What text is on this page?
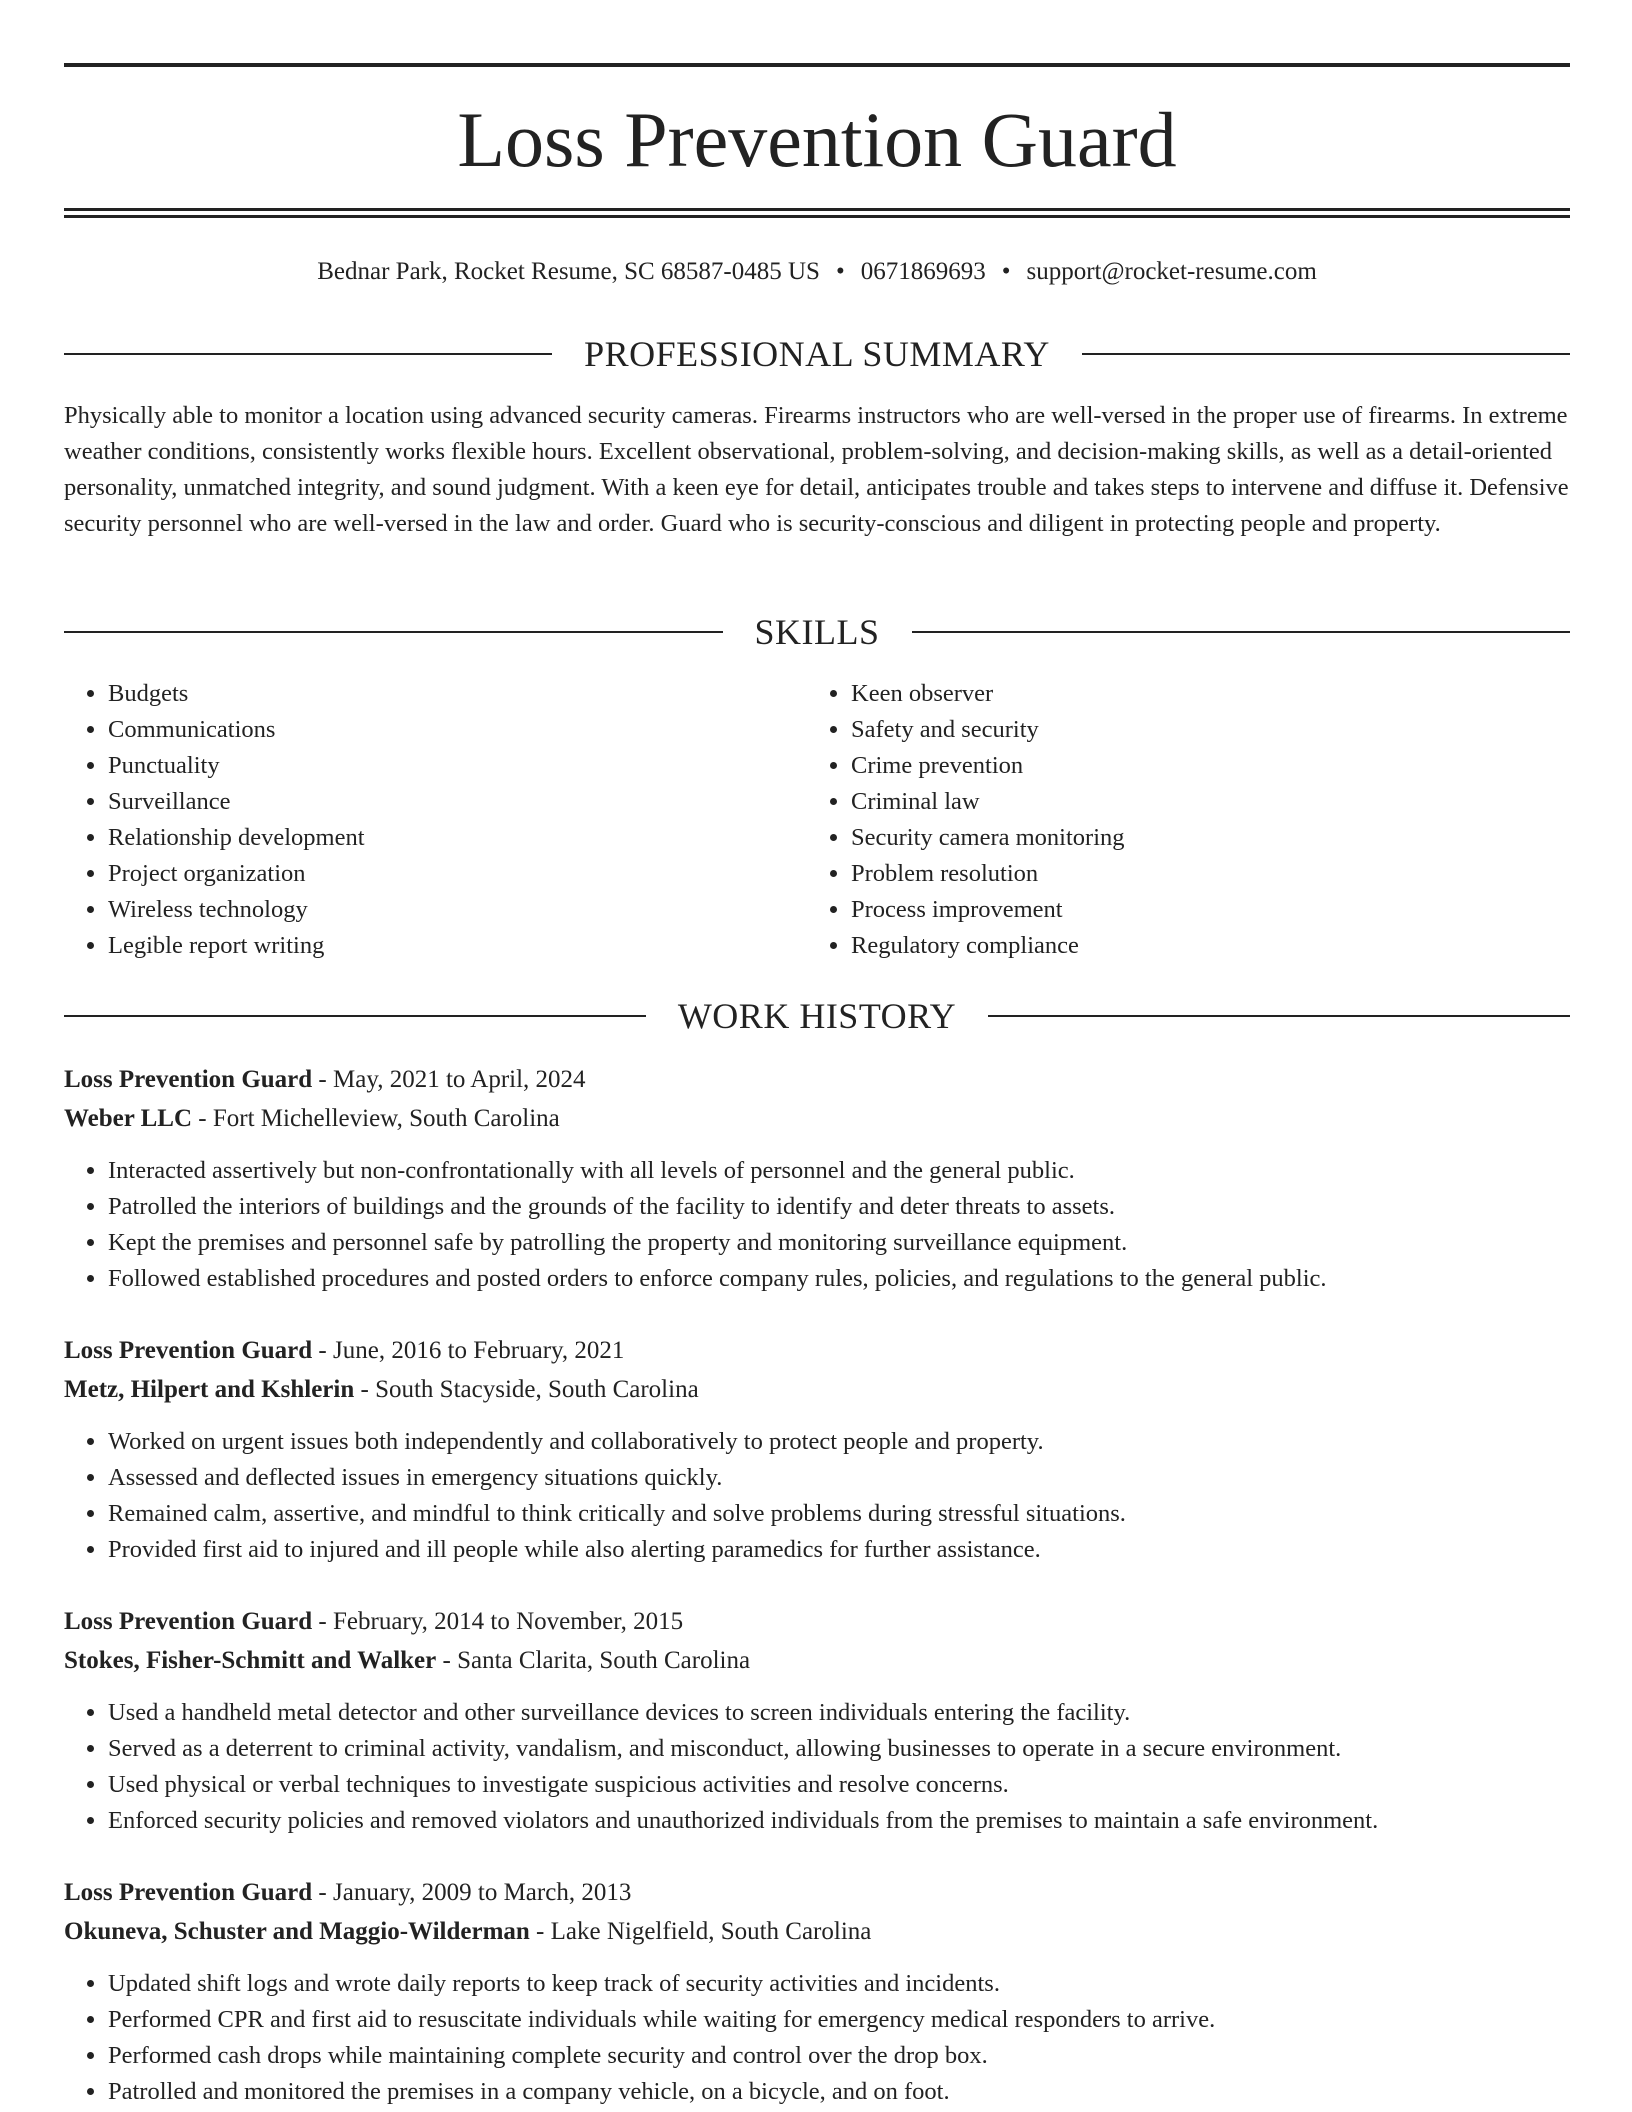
Loss Prevention Guard
Bednar Park, Rocket Resume, SC 68587-0485 US • 0671869693 • support@rocket-resume.com
PROFESSIONAL SUMMARY

Physically able to monitor a location using advanced security cameras. Firearms instructors who are well-versed in the proper use of firearms. In extreme weather conditions, consistently works flexible hours. Excellent observational, problem-solving, and decision-making skills, as well as a detail-oriented personality, unmatched integrity, and sound judgment. With a keen eye for detail, anticipates trouble and takes steps to intervene and diffuse it. Defensive security personnel who are well-versed in the law and order. Guard who is security-conscious and diligent in protecting people and property.

SKILLS
• Budgets
• Communications
• Punctuality
• Surveillance
• Relationship development
• Project organization
• Wireless technology
• Legible report writing
• Keen observer
• Safety and security
• Crime prevention
• Criminal law
• Security camera monitoring
• Problem resolution
• Process improvement
• Regulatory compliance
WORK HISTORY
Loss Prevention Guard - May, 2021 to April, 2024
Weber LLC - Fort Michelleview, South Carolina
• Interacted assertively but non-confrontationally with all levels of personnel and the general public.
• Patrolled the interiors of buildings and the grounds of the facility to identify and deter threats to assets.
• Kept the premises and personnel safe by patrolling the property and monitoring surveillance equipment.
• Followed established procedures and posted orders to enforce company rules, policies, and regulations to the general public.
Loss Prevention Guard - June, 2016 to February, 2021
Metz, Hilpert and Kshlerin - South Stacyside, South Carolina
• Worked on urgent issues both independently and collaboratively to protect people and property.
• Assessed and deflected issues in emergency situations quickly.
• Remained calm, assertive, and mindful to think critically and solve problems during stressful situations.
• Provided first aid to injured and ill people while also alerting paramedics for further assistance.
Loss Prevention Guard - February, 2014 to November, 2015
Stokes, Fisher-Schmitt and Walker - Santa Clarita, South Carolina
• Used a handheld metal detector and other surveillance devices to screen individuals entering the facility.
• Served as a deterrent to criminal activity, vandalism, and misconduct, allowing businesses to operate in a secure environment.
• Used physical or verbal techniques to investigate suspicious activities and resolve concerns.
• Enforced security policies and removed violators and unauthorized individuals from the premises to maintain a safe environment.
Loss Prevention Guard - January, 2009 to March, 2013
Okuneva, Schuster and Maggio-Wilderman - Lake Nigelfield, South Carolina
• Updated shift logs and wrote daily reports to keep track of security activities and incidents.
• Performed CPR and first aid to resuscitate individuals while waiting for emergency medical responders to arrive.
• Performed cash drops while maintaining complete security and control over the drop box.
• Patrolled and monitored the premises in a company vehicle, on a bicycle, and on foot.
